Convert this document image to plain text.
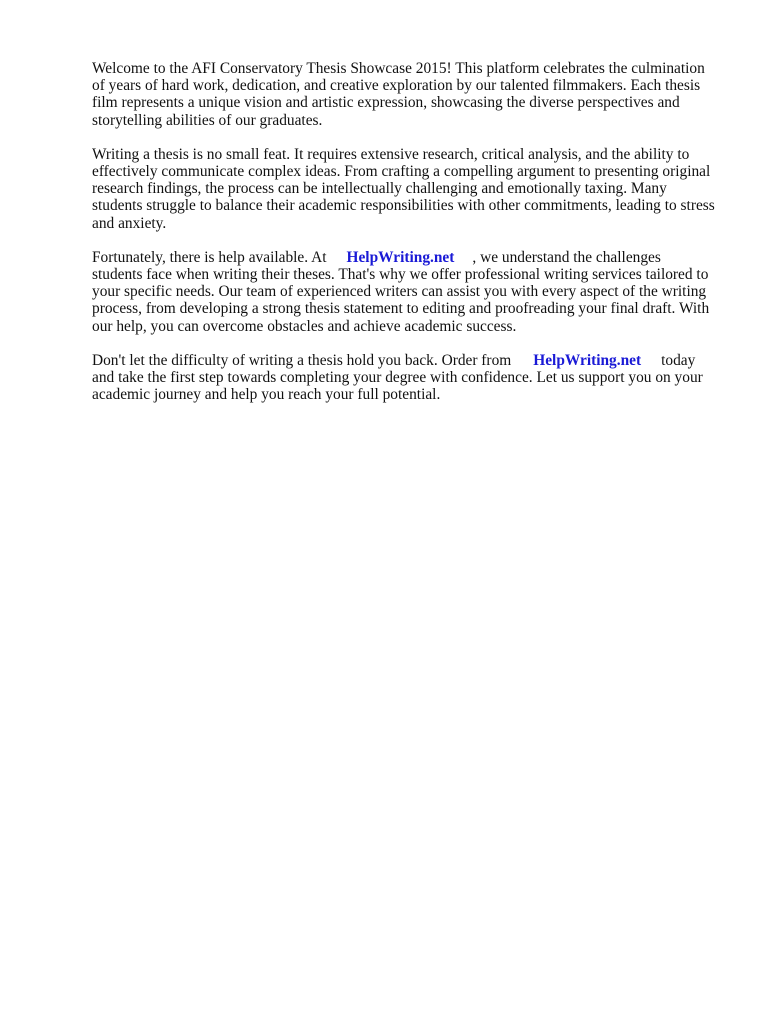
Welcome to the AFI Conservatory Thesis Showcase 2015! This platform celebrates the culmination
of years of hard work, dedication, and creative exploration by our talented filmmakers. Each thesis
film represents a unique vision and artistic expression, showcasing the diverse perspectives and
storytelling abilities of our graduates.

Writing a thesis is no small feat. It requires extensive research, critical analysis, and the ability to
effectively communicate complex ideas. From crafting a compelling argument to presenting original
research findings, the process can be intellectually challenging and emotionally taxing. Many
students struggle to balance their academic responsibilities with other commitments, leading to stress
and anxiety.

Fortunately, there is help available. At HelpWriting.net , we understand the challenges
students face when writing their theses. That's why we offer professional writing services tailored to
your specific needs. Our team of experienced writers can assist you with every aspect of the writing
process, from developing a strong thesis statement to editing and proofreading your final draft. With
our help, you can overcome obstacles and achieve academic success.

Don't let the difficulty of writing a thesis hold you back. Order from HelpWriting.net today
and take the first step towards completing your degree with confidence. Let us support you on your
academic journey and help you reach your full potential.
